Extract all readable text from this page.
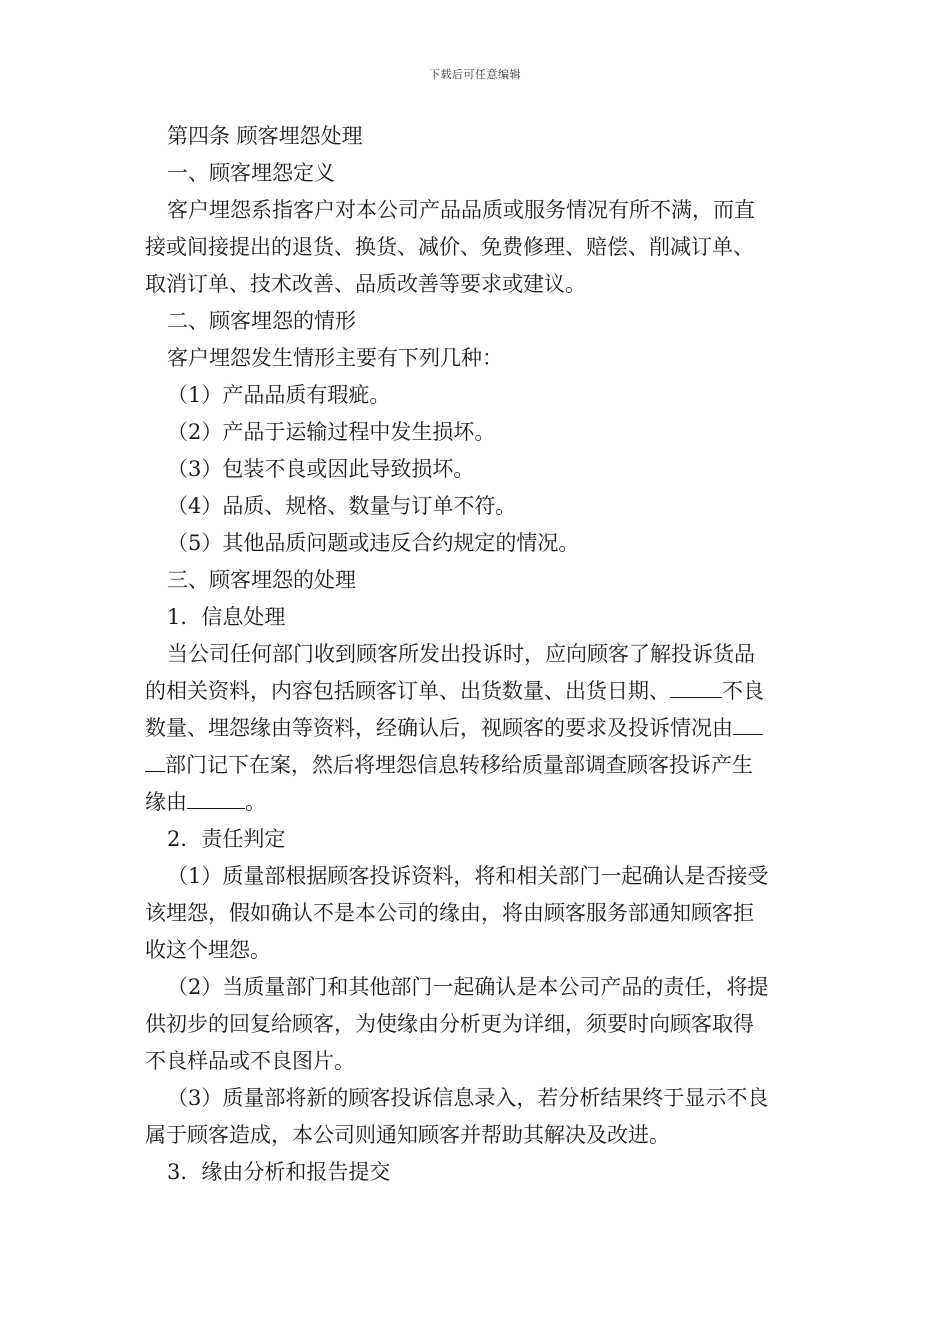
下载后可任意编辑
第四条 顾客埋怨处理
一、顾客埋怨定义
客户埋怨系指客户对本公司产品品质或服务情况有所不满，而直
接或间接提出的退货、换货、减价、免费修理、赔偿、削减订单、
取消订单、技术改善、品质改善等要求或建议。
二、顾客埋怨的情形
客户埋怨发生情形主要有下列几种：
（1）产品品质有瑕疵。
（2）产品于运输过程中发生损坏。
（3）包装不良或因此导致损坏。
（4）品质、规格、数量与订单不符。
（5）其他品质问题或违反合约规定的情况。
三、顾客埋怨的处理
1．信息处理
当公司任何部门收到顾客所发出投诉时，应向顾客了解投诉货品
的相关资料，内容包括顾客订单、出货数量、出货日期、 不良
数量、埋怨缘由等资料，经确认后，视顾客的要求及投诉情况由
部门记下在案，然后将埋怨信息转移给质量部调查顾客投诉产生
缘由	。
2．责任判定
（1）质量部根据顾客投诉资料，将和相关部门一起确认是否接受
该埋怨，假如确认不是本公司的缘由，将由顾客服务部通知顾客拒
收这个埋怨。
（2）当质量部门和其他部门一起确认是本公司产品的责任，将提
供初步的回复给顾客，为使缘由分析更为详细，须要时向顾客取得
不良样品或不良图片。
（3）质量部将新的顾客投诉信息录入，若分析结果终于显示不良
属于顾客造成，本公司则通知顾客并帮助其解决及改进。
3．缘由分析和报告提交
